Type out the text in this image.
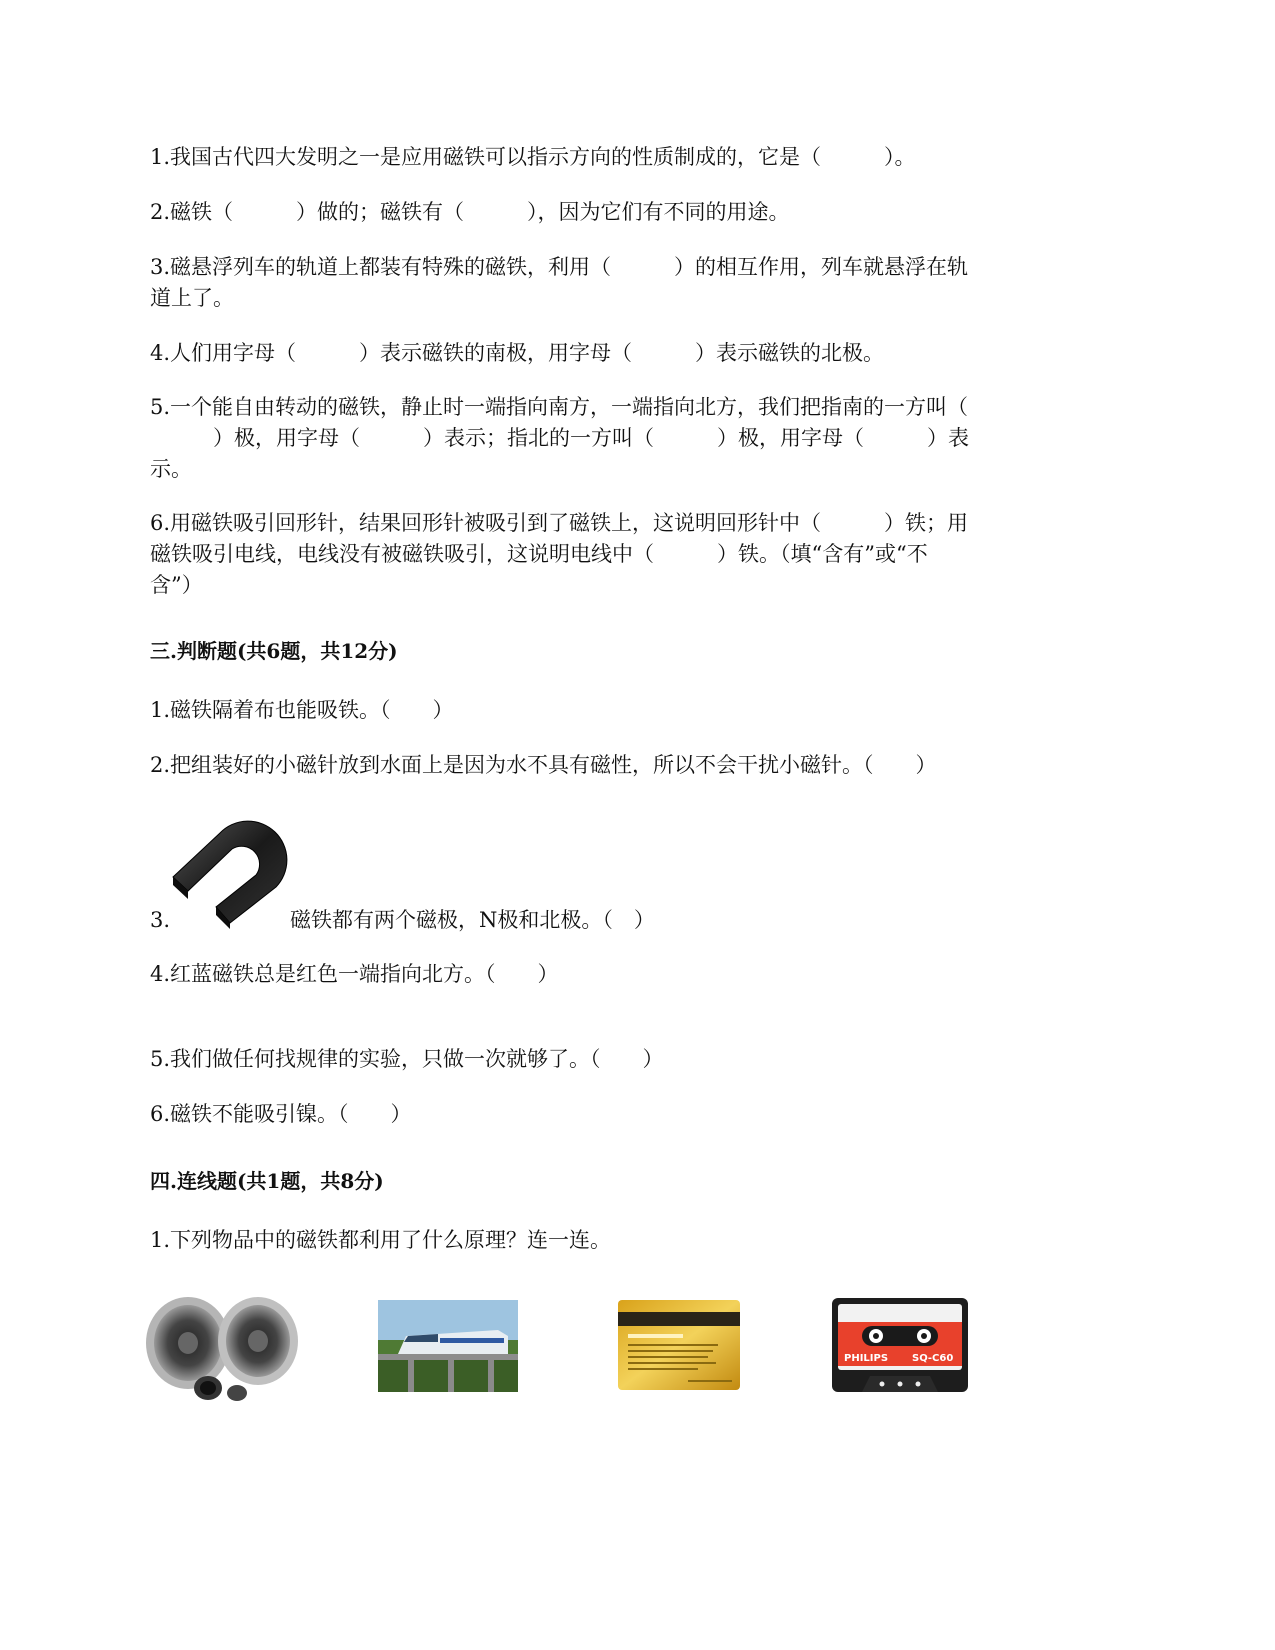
1.我国古代四大发明之一是应用磁铁可以指示方向的性质制成的，它是（　　　）。
2.磁铁（　　　）做的；磁铁有（　　　），因为它们有不同的用途。
3.磁悬浮列车的轨道上都装有特殊的磁铁，利用（　　　）的相互作用，列车就悬浮在轨
道上了。
4.人们用字母（　　　）表示磁铁的南极，用字母（　　　）表示磁铁的北极。
5.一个能自由转动的磁铁，静止时一端指向南方，一端指向北方，我们把指南的一方叫（
　　　）极，用字母（　　　）表示；指北的一方叫（　　　）极，用字母（　　　）表
示。
6.用磁铁吸引回形针，结果回形针被吸引到了磁铁上，这说明回形针中（　　　）铁；用
磁铁吸引电线，电线没有被磁铁吸引，这说明电线中（　　　）铁。（填“含有”或“不
含”）
三.判断题(共6题，共12分)
1.磁铁隔着布也能吸铁。（　　）
2.把组装好的小磁针放到水面上是因为水不具有磁性，所以不会干扰小磁针。（　　）
3.	磁铁都有两个磁极，N极和北极。（　）
4.红蓝磁铁总是红色一端指向北方。（　　）
5.我们做任何找规律的实验，只做一次就够了。（　　）
6.磁铁不能吸引镍。（　　）
四.连线题(共1题，共8分)
1.下列物品中的磁铁都利用了什么原理？连一连。
PHILIPS SQ-C60
